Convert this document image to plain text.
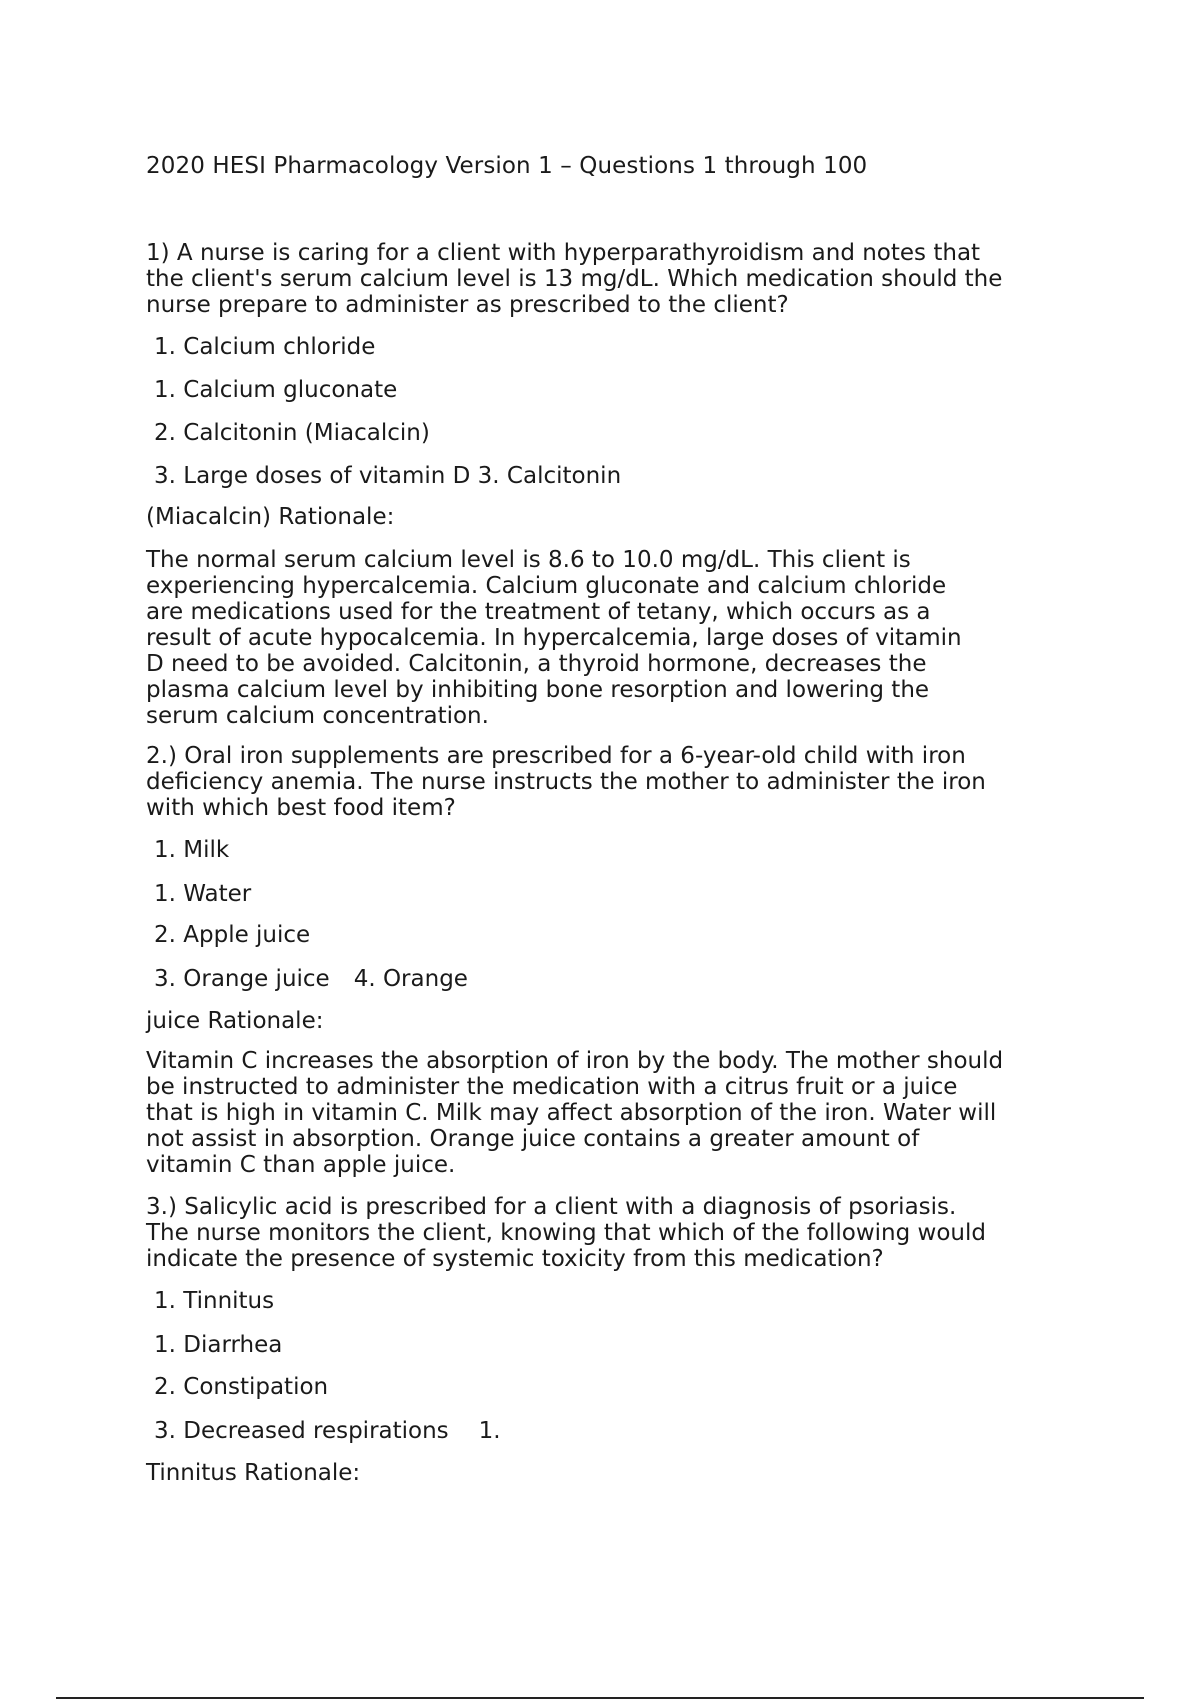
2020 HESI Pharmacology Version 1 – Questions 1 through 100
1) A nurse is caring for a client with hyperparathyroidism and notes that
the client's serum calcium level is 13 mg/dL. Which medication should the
nurse prepare to administer as prescribed to the client?
1. Calcium chloride
1. Calcium gluconate
2. Calcitonin (Miacalcin)
3. Large doses of vitamin D 3. Calcitonin
(Miacalcin) Rationale:
The normal serum calcium level is 8.6 to 10.0 mg/dL. This client is
experiencing hypercalcemia. Calcium gluconate and calcium chloride
are medications used for the treatment of tetany, which occurs as a
result of acute hypocalcemia. In hypercalcemia, large doses of vitamin
D need to be avoided. Calcitonin, a thyroid hormone, decreases the
plasma calcium level by inhibiting bone resorption and lowering the
serum calcium concentration.
2.) Oral iron supplements are prescribed for a 6-year-old child with iron
deficiency anemia. The nurse instructs the mother to administer the iron
with which best food item?
1. Milk
1. Water
2. Apple juice
3. Orange juice 4. Orange
juice Rationale:
Vitamin C increases the absorption of iron by the body. The mother should
be instructed to administer the medication with a citrus fruit or a juice
that is high in vitamin C. Milk may affect absorption of the iron. Water will
not assist in absorption. Orange juice contains a greater amount of
vitamin C than apple juice.
3.) Salicylic acid is prescribed for a client with a diagnosis of psoriasis.
The nurse monitors the client, knowing that which of the following would
indicate the presence of systemic toxicity from this medication?
1. Tinnitus
1. Diarrhea
2. Constipation
3. Decreased respirations 1.
Tinnitus Rationale:
